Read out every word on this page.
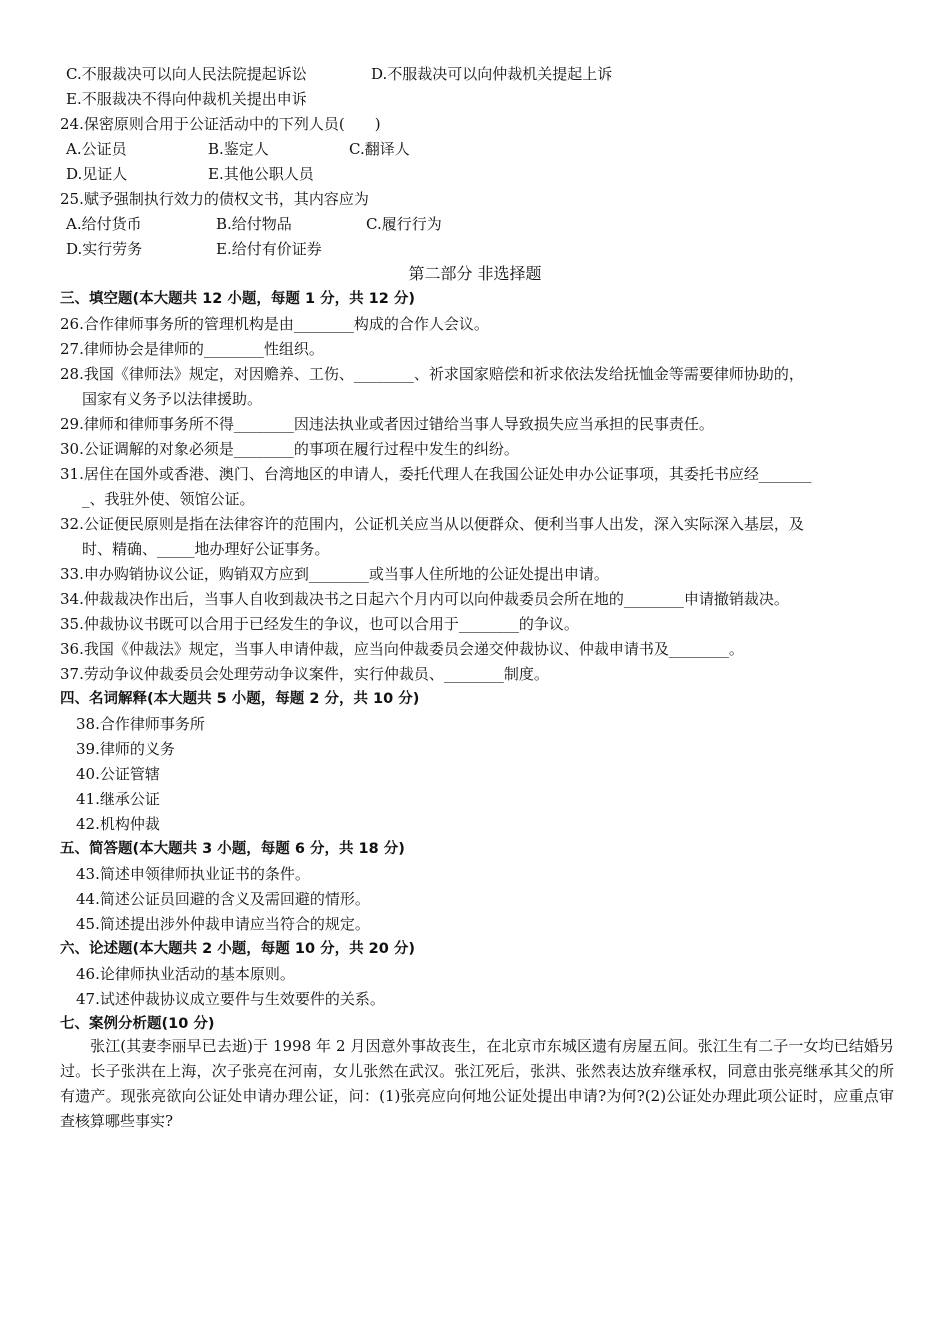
C.不服裁决可以向人民法院提起诉讼	D.不服裁决可以向仲裁机关提起上诉
E.不服裁决不得向仲裁机关提出申诉
24.保密原则合用于公证活动中的下列人员(　　)
A.公证员	B.鉴定人	C.翻译人
D.见证人	E.其他公职人员
25.赋予强制执行效力的债权文书，其内容应为
A.给付货币	B.给付物品	C.履行行为
D.实行劳务	E.给付有价证券
第二部分 非选择题
三、填空题(本大题共 12 小题，每题 1 分，共 12 分)
26.合作律师事务所的管理机构是由________构成的合作人会议。
27.律师协会是律师的________性组织。
28.我国《律师法》规定，对因赡养、工伤、________、祈求国家赔偿和祈求依法发给抚恤金等需要律师协助的，
国家有义务予以法律援助。
29.律师和律师事务所不得________因违法执业或者因过错给当事人导致损失应当承担的民事责任。
30.公证调解的对象必须是________的事项在履行过程中发生的纠纷。
31.居住在国外或香港、澳门、台湾地区的申请人，委托代理人在我国公证处申办公证事项，其委托书应经_______
_、我驻外使、领馆公证。
32.公证便民原则是指在法律容许的范围内，公证机关应当从以便群众、便利当事人出发，深入实际深入基层，及
时、精确、_____地办理好公证事务。
33.申办购销协议公证，购销双方应到________或当事人住所地的公证处提出申请。
34.仲裁裁决作出后，当事人自收到裁决书之日起六个月内可以向仲裁委员会所在地的________申请撤销裁决。
35.仲裁协议书既可以合用于已经发生的争议，也可以合用于________的争议。
36.我国《仲裁法》规定，当事人申请仲裁，应当向仲裁委员会递交仲裁协议、仲裁申请书及________。
37.劳动争议仲裁委员会处理劳动争议案件，实行仲裁员、________制度。
四、名词解释(本大题共 5 小题，每题 2 分，共 10 分)
38.合作律师事务所
39.律师的义务
40.公证管辖
41.继承公证
42.机构仲裁
五、简答题(本大题共 3 小题，每题 6 分，共 18 分)
43.简述申领律师执业证书的条件。
44.简述公证员回避的含义及需回避的情形。
45.简述提出涉外仲裁申请应当符合的规定。
六、论述题(本大题共 2 小题，每题 10 分，共 20 分)
46.论律师执业活动的基本原则。
47.试述仲裁协议成立要件与生效要件的关系。
七、案例分析题(10 分)
张江(其妻李丽早已去逝)于 1998 年 2 月因意外事故丧生，在北京市东城区遗有房屋五间。张江生有二子一女均已结婚另过。长子张洪在上海，次子张亮在河南，女儿张然在武汉。张江死后，张洪、张然表达放弃继承权，同意由张亮继承其父的所有遗产。现张亮欲向公证处申请办理公证，问：(1)张亮应向何地公证处提出申请?为何?(2)公证处办理此项公证时，应重点审查核算哪些事实?
